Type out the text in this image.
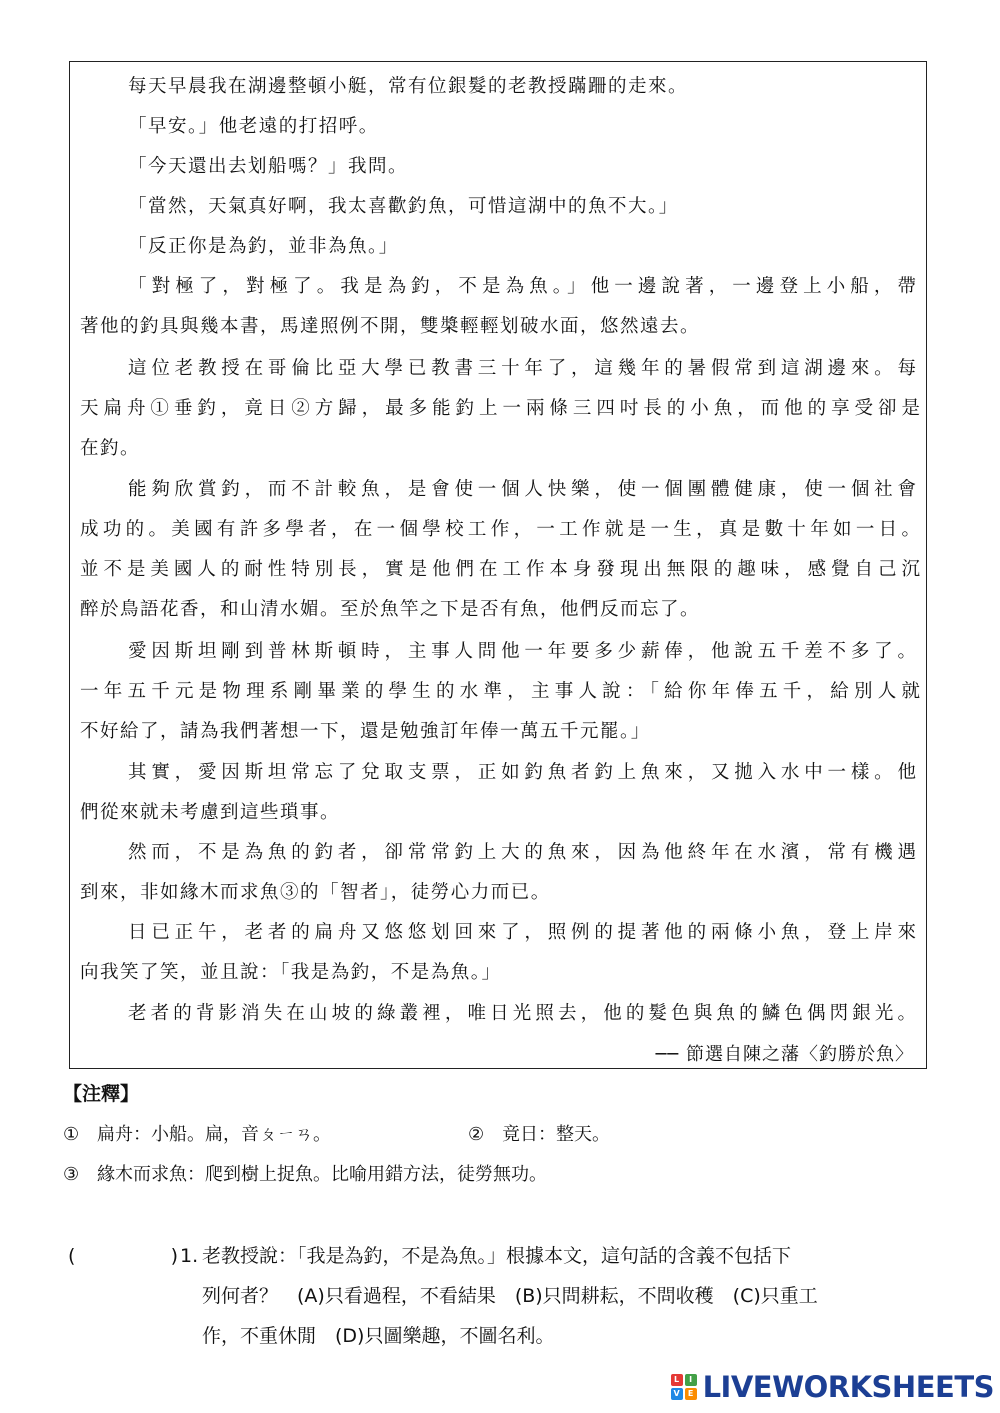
每天早晨我在湖邊整頓小艇，常有位銀髮的老教授蹣跚的走來。
「早安。」他老遠的打招呼。
「今天還出去划船嗎？」我問。
「當然，天氣真好啊，我太喜歡釣魚，可惜這湖中的魚不大。」
「反正你是為釣，並非為魚。」
「對極了，對極了。我是為釣，不是為魚。」他一邊說著，一邊登上小船，帶
著他的釣具與幾本書，馬達照例不開，雙槳輕輕划破水面，悠然遠去。
這位老教授在哥倫比亞大學已教書三十年了，這幾年的暑假常到這湖邊來。每
天扁舟①垂釣，竟日②方歸，最多能釣上一兩條三四吋長的小魚，而他的享受卻是
在釣。
能夠欣賞釣，而不計較魚，是會使一個人快樂，使一個團體健康，使一個社會
成功的。美國有許多學者，在一個學校工作，一工作就是一生，真是數十年如一日。
並不是美國人的耐性特別長，實是他們在工作本身發現出無限的趣味，感覺自己沉
醉於鳥語花香，和山清水媚。至於魚竿之下是否有魚，他們反而忘了。
愛因斯坦剛到普林斯頓時，主事人問他一年要多少薪俸，他說五千差不多了。
一年五千元是物理系剛畢業的學生的水準，主事人說：「給你年俸五千，給別人就
不好給了，請為我們著想一下，還是勉強訂年俸一萬五千元罷。」
其實，愛因斯坦常忘了兌取支票，正如釣魚者釣上魚來，又拋入水中一樣。他
們從來就未考慮到這些瑣事。
然而，不是為魚的釣者，卻常常釣上大的魚來，因為他終年在水濱，常有機遇
到來，非如緣木而求魚③的「智者」，徒勞心力而已。
日已正午，老者的扁舟又悠悠划回來了，照例的提著他的兩條小魚，登上岸來
向我笑了笑，並且說：「我是為釣，不是為魚。」
老者的背影消失在山坡的綠叢裡，唯日光照去，他的髮色與魚的鱗色偶閃銀光。
── 節選自陳之藩〈釣勝於魚〉
【注釋】
① 扁舟：小船。扁，音ㄆㄧㄢ。	② 竟日：整天。
③ 緣木而求魚：爬到樹上捉魚。比喻用錯方法，徒勞無功。
(	) 1. 老教授說：「我是為釣，不是為魚。」根據本文，這句話的含義不包括下
列何者？　(A)只看過程，不看結果　(B)只問耕耘，不問收穫　(C)只重工
作，不重休閒　(D)只圖樂趣，不圖名利。
L	I
V	E LIVEWORKSHEETS
